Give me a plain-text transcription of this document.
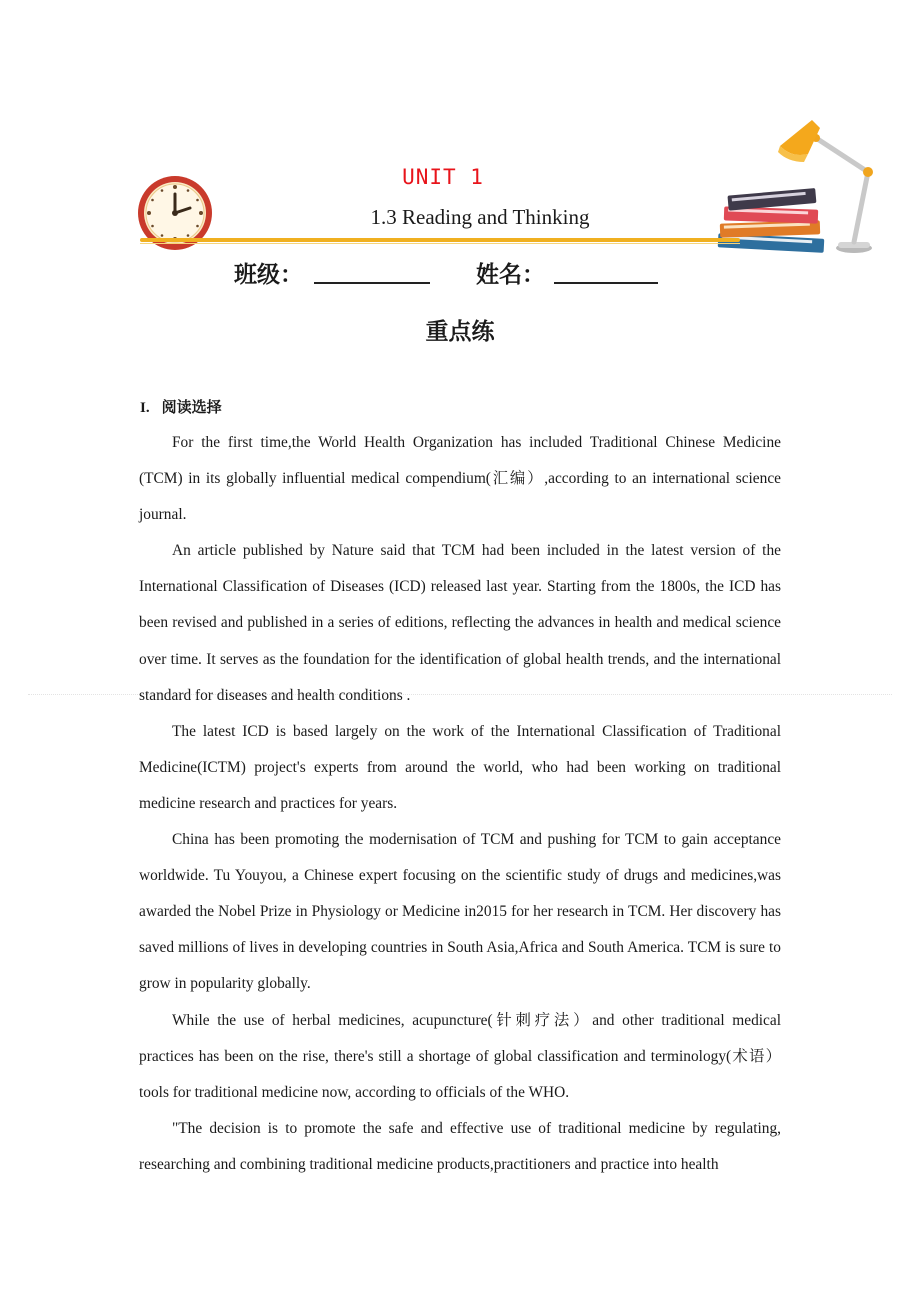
UNIT 1
1.3 Reading and Thinking
班级：	姓名：
重点练
I. 阅读选择

For the first time,the World Health Organization has included Traditional Chinese Medicine (TCM) in its globally influential medical compendium(汇编）,according to an international science journal.

An article published by Nature said that TCM had been included in the latest version of the International Classification of Diseases (ICD) released last year. Starting from the 1800s, the ICD has been revised and published in a series of editions, reflecting the advances in health and medical science over time. It serves as the foundation for the identification of global health trends, and the international standard for diseases and health conditions .

The latest ICD is based largely on the work of the International Classification of Traditional Medicine(ICTM) project's experts from around the world, who had been working on traditional medicine research and practices for years.

China has been promoting the modernisation of TCM and pushing for TCM to gain acceptance worldwide. Tu Youyou, a Chinese expert focusing on the scientific study of drugs and medicines,was awarded the Nobel Prize in Physiology or Medicine in2015 for her research in TCM. Her discovery has saved millions of lives in developing countries in South Asia,Africa and South America. TCM is sure to grow in popularity globally.

While the use of herbal medicines, acupuncture(针刺疗法）and other traditional medical practices has been on the rise, there's still a shortage of global classification and terminology(术语）tools for traditional medicine now, according to officials of the WHO.

"The decision is to promote the safe and effective use of traditional medicine by regulating, researching and combining traditional medicine products,practitioners and practice into health
